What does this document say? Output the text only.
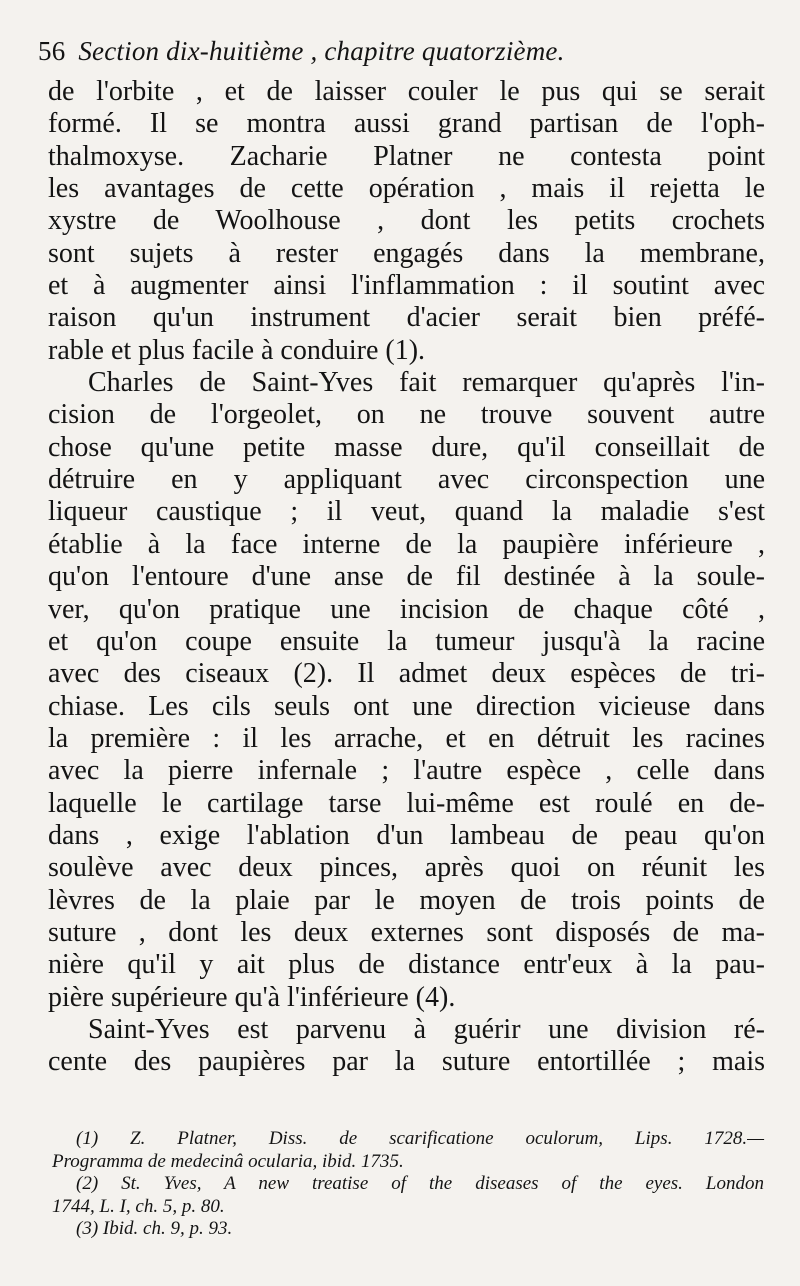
56 Section dix-huitième , chapitre quatorzième.
de l'orbite , et de laisser couler le pus qui se serait
formé. Il se montra aussi grand partisan de l'oph-
thalmoxyse. Zacharie Platner ne contesta point
les avantages de cette opération , mais il rejetta le
xystre de Woolhouse , dont les petits crochets
sont sujets à rester engagés dans la membrane,
et à augmenter ainsi l'inflammation : il soutint avec
raison qu'un instrument d'acier serait bien préfé-
rable et plus facile à conduire (1).
Charles de Saint-Yves fait remarquer qu'après l'in-
cision de l'orgeolet, on ne trouve souvent autre
chose qu'une petite masse dure, qu'il conseillait de
détruire en y appliquant avec circonspection une
liqueur caustique ; il veut, quand la maladie s'est
établie à la face interne de la paupière inférieure ,
qu'on l'entoure d'une anse de fil destinée à la soule-
ver, qu'on pratique une incision de chaque côté ,
et qu'on coupe ensuite la tumeur jusqu'à la racine
avec des ciseaux (2). Il admet deux espèces de tri-
chiase. Les cils seuls ont une direction vicieuse dans
la première : il les arrache, et en détruit les racines
avec la pierre infernale ; l'autre espèce , celle dans
laquelle le cartilage tarse lui-même est roulé en de-
dans , exige l'ablation d'un lambeau de peau qu'on
soulève avec deux pinces, après quoi on réunit les
lèvres de la plaie par le moyen de trois points de
suture , dont les deux externes sont disposés de ma-
nière qu'il y ait plus de distance entr'eux à la pau-
pière supérieure qu'à l'inférieure (4).
Saint-Yves est parvenu à guérir une division ré-
cente des paupières par la suture entortillée ; mais
(1) Z. Platner, Diss. de scarificatione oculorum, Lips. 1728.—
Programma de medecinâ ocularia, ibid. 1735.
(2) St. Yves, A new treatise of the diseases of the eyes. London
1744, L. I, ch. 5, p. 80.
(3) Ibid. ch. 9, p. 93.
